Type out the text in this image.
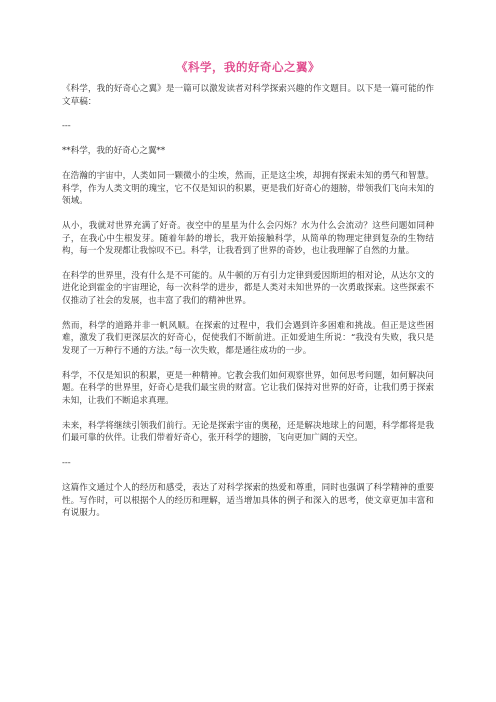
《科学，我的好奇心之翼》

《科学，我的好奇心之翼》是一篇可以激发读者对科学探索兴趣的作文题目。以下是一篇可能的作文草稿：

---

**科学，我的好奇心之翼**

在浩瀚的宇宙中，人类如同一颗微小的尘埃，然而，正是这尘埃，却拥有探索未知的勇气和智慧。科学，作为人类文明的瑰宝，它不仅是知识的积累，更是我们好奇心的翅膀，带领我们飞向未知的领域。

从小，我就对世界充满了好奇。夜空中的星星为什么会闪烁？水为什么会流动？这些问题如同种子，在我心中生根发芽。随着年龄的增长，我开始接触科学，从简单的物理定律到复杂的生物结构，每一个发现都让我惊叹不已。科学，让我看到了世界的奇妙，也让我理解了自然的力量。

在科学的世界里，没有什么是不可能的。从牛顿的万有引力定律到爱因斯坦的相对论，从达尔文的进化论到霍金的宇宙理论，每一次科学的进步，都是人类对未知世界的一次勇敢探索。这些探索不仅推动了社会的发展，也丰富了我们的精神世界。

然而，科学的道路并非一帆风顺。在探索的过程中，我们会遇到许多困难和挑战。但正是这些困难，激发了我们更深层次的好奇心，促使我们不断前进。正如爱迪生所说：“我没有失败，我只是发现了一万种行不通的方法。”每一次失败，都是通往成功的一步。

科学，不仅是知识的积累，更是一种精神。它教会我们如何观察世界，如何思考问题，如何解决问题。在科学的世界里，好奇心是我们最宝贵的财富。它让我们保持对世界的好奇，让我们勇于探索未知，让我们不断追求真理。

未来，科学将继续引领我们前行。无论是探索宇宙的奥秘，还是解决地球上的问题，科学都将是我们最可靠的伙伴。让我们带着好奇心，张开科学的翅膀，飞向更加广阔的天空。

---

这篇作文通过个人的经历和感受，表达了对科学探索的热爱和尊重，同时也强调了科学精神的重要性。写作时，可以根据个人的经历和理解，适当增加具体的例子和深入的思考，使文章更加丰富和有说服力。
